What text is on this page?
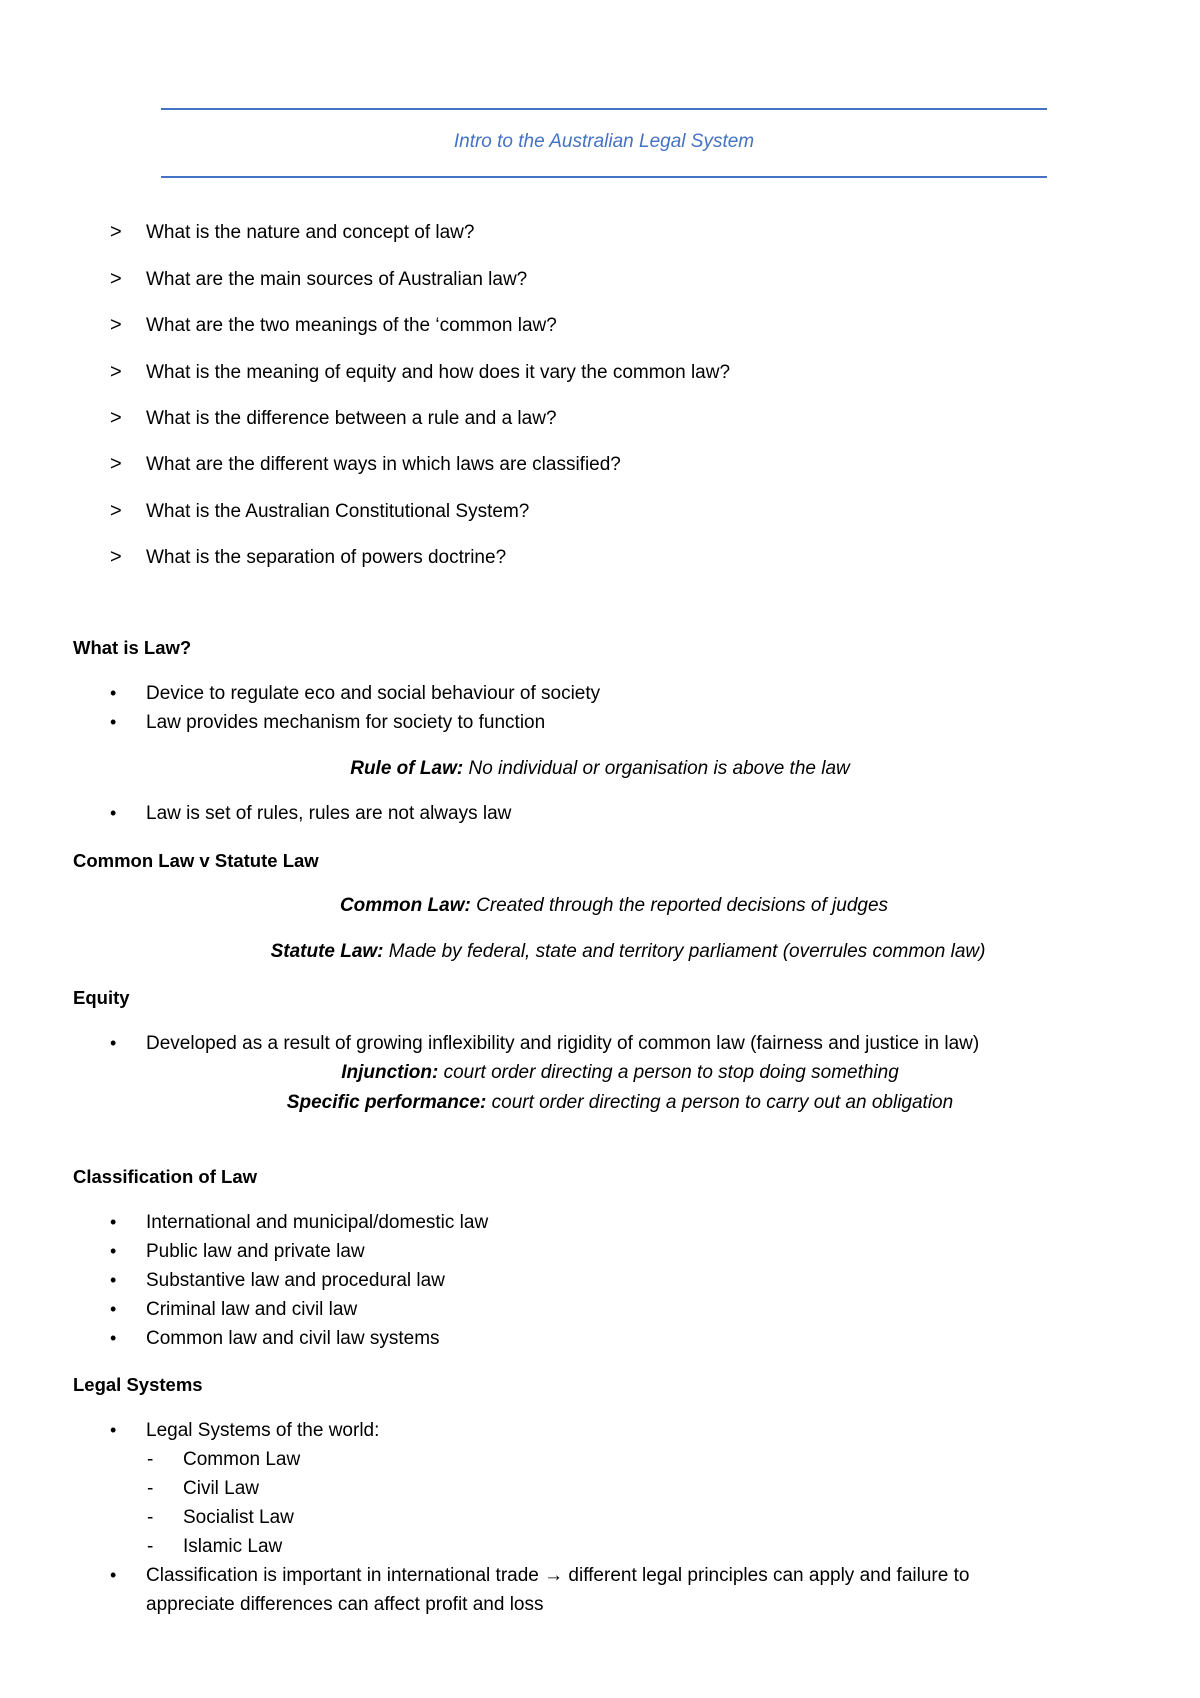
Intro to the Australian Legal System
> What is the nature and concept of law?
> What are the main sources of Australian law?
> What are the two meanings of the ‘common law?
> What is the meaning of equity and how does it vary the common law?
> What is the difference between a rule and a law?
> What are the different ways in which laws are classified?
> What is the Australian Constitutional System?
> What is the separation of powers doctrine?
What is Law?
• Device to regulate eco and social behaviour of society
• Law provides mechanism for society to function
Rule of Law: No individual or organisation is above the law
• Law is set of rules, rules are not always law
Common Law v Statute Law
Common Law: Created through the reported decisions of judges
Statute Law: Made by federal, state and territory parliament (overrules common law)
Equity
• Developed as a result of growing inflexibility and rigidity of common law (fairness and justice in law)
Injunction: court order directing a person to stop doing something
Specific performance: court order directing a person to carry out an obligation
Classification of Law
• International and municipal/domestic law
• Public law and private law
• Substantive law and procedural law
• Criminal law and civil law
• Common law and civil law systems
Legal Systems
• Legal Systems of the world:
- Common Law
- Civil Law
- Socialist Law
- Islamic Law
• Classification is important in international trade → different legal principles can apply and failure to
appreciate differences can affect profit and loss
